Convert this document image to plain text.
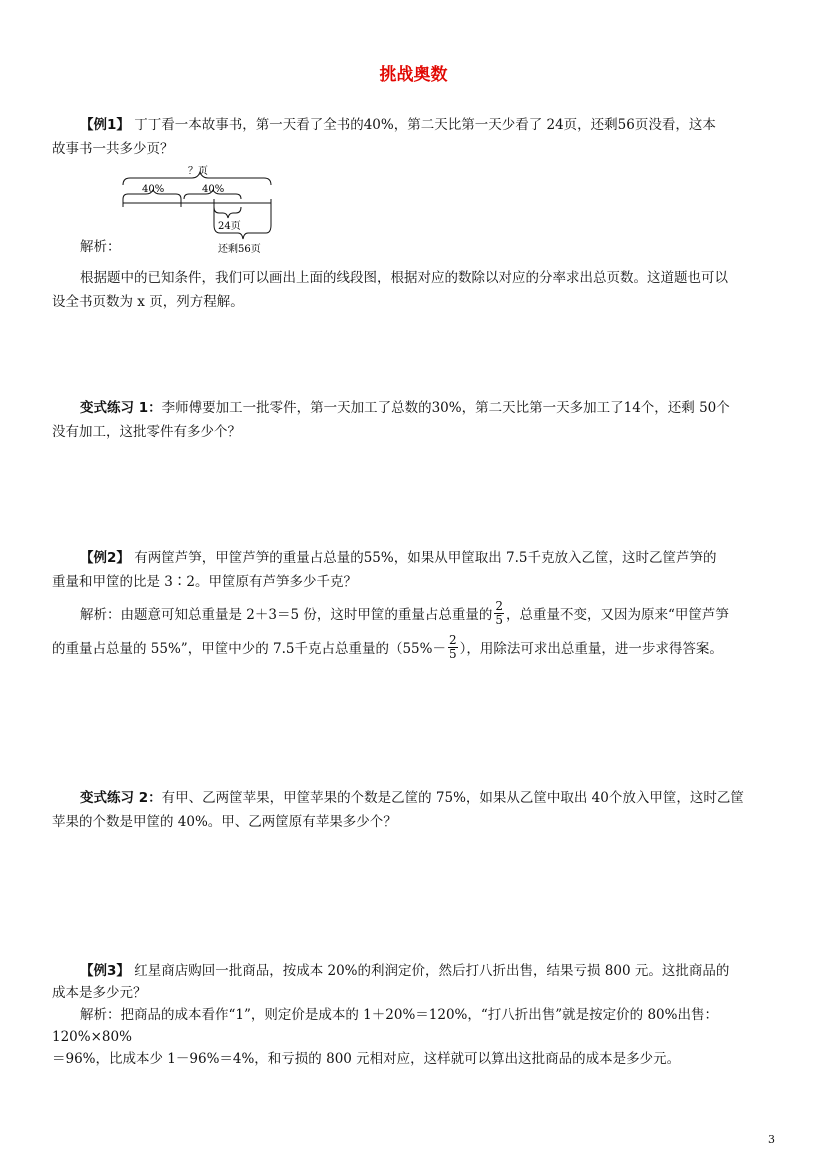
挑战奥数
【例1】 丁丁看一本故事书，第一天看了全书的40%，第二天比第一天少看了 24页，还剩56页没看，这本
故事书一共多少页？
？页
40%	40%
24页
还剩56页
解析：
根据题中的已知条件，我们可以画出上面的线段图，根据对应的数除以对应的分率求出总页数。这道题也可以
设全书页数为 x 页，列方程解。
变式练习 1：李师傅要加工一批零件，第一天加工了总数的30%，第二天比第一天多加工了14个，还剩 50个
没有加工，这批零件有多少个？
【例2】 有两筐芦笋，甲筐芦笋的重量占总量的55%，如果从甲筐取出 7.5千克放入乙筐，这时乙筐芦笋的
重量和甲筐的比是 3∶2。甲筐原有芦笋多少千克？
解析：由题意可知总重量是 2＋3＝5 份，这时甲筐的重量占总重量的 $\frac{2}{5}$ ，总重量不变，又因为原来“甲筐芦笋
的重量占总量的 55%”，甲筐中少的 7.5千克占总重量的（$55\%- \frac{2}{5}$ ），用除法可求出总重量，进一步求得答案。
变式练习 2：有甲、乙两筐苹果，甲筐苹果的个数是乙筐的 75%，如果从乙筐中取出 40个放入甲筐，这时乙筐
苹果的个数是甲筐的 40%。甲、乙两筐原有苹果多少个？
【例3】 红星商店购回一批商品，按成本 20%的利润定价，然后打八折出售，结果亏损 800 元。这批商品的
成本是多少元？
解析：把商品的成本看作“1”，则定价是成本的 1＋20%＝120%，“打八折出售”就是按定价的 80%出售：120%×80%
＝96%，比成本少 1－96%＝4%，和亏损的 800 元相对应，这样就可以算出这批商品的成本是多少元。
3
